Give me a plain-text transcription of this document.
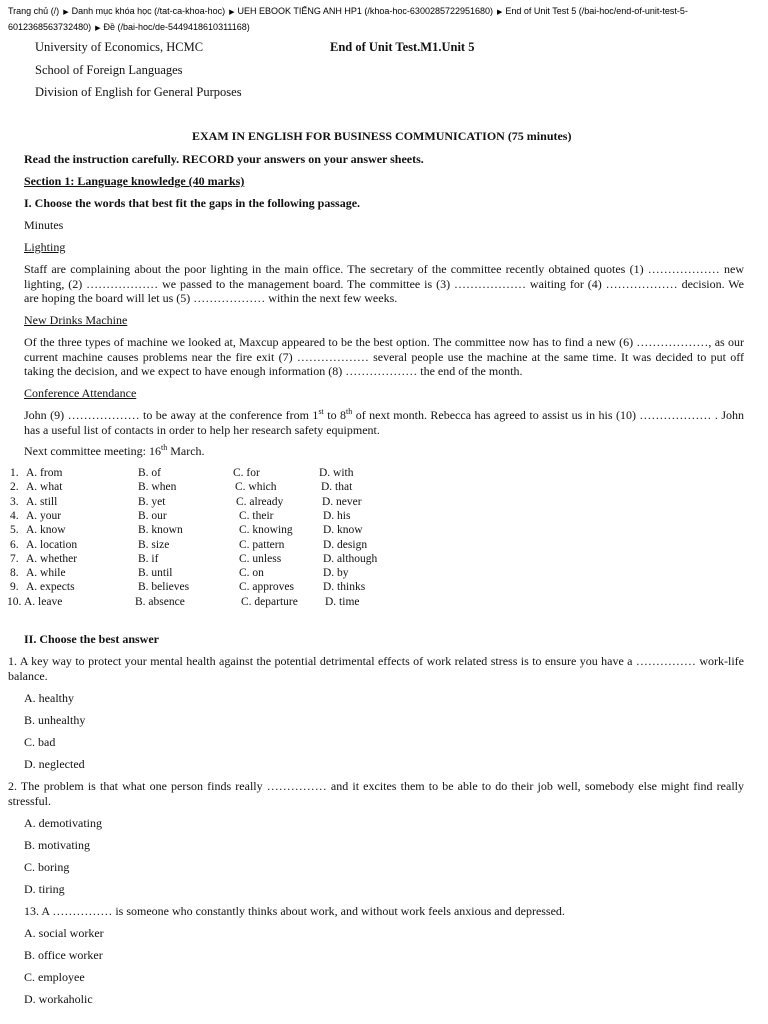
Trang chủ (/) ▶ Danh mục khóa học (/tat-ca-khoa-hoc) ▶ UEH EBOOK TIẾNG ANH HP1 (/khoa-hoc-6300285722951680) ▶ End of Unit Test 5 (/bai-hoc/end-of-unit-test-5-6012368563732480) ▶ Đề (/bai-hoc/de-5449418610311168)
University of Economics, HCMC
School of Foreign Languages
Division of English for General Purposes
End of Unit Test.M1.Unit 5
EXAM IN ENGLISH FOR BUSINESS COMMUNICATION (75 minutes)
Read the instruction carefully. RECORD your answers on your answer sheets.
Section 1: Language knowledge (40 marks)
I. Choose the words that best fit the gaps in the following passage.
Minutes
Lighting
Staff are complaining about the poor lighting in the main office. The secretary of the committee recently obtained quotes (1) ……………… new lighting, (2) ……………… we passed to the management board. The committee is (3) ……………… waiting for (4) ……………… decision. We are hoping the board will let us (5) ……………… within the next few weeks.
New Drinks Machine
Of the three types of machine we looked at, Maxcup appeared to be the best option. The committee now has to find a new (6) ………………, as our current machine causes problems near the fire exit (7) ……………… several people use the machine at the same time. It was decided to put off taking the decision, and we expect to have enough information (8) ……………… the end of the month.
Conference Attendance
John (9) ……………… to be away at the conference from 1st to 8th of next month. Rebecca has agreed to assist us in his (10) ……………… . John has a useful list of contacts in order to help her research safety equipment.
Next committee meeting: 16th March.
1. A. from	B. of	C. for	D. with
2. A. what	B. when	C. which	D. that
3. A. still	B. yet	C. already	D. never
4. A. your	B. our	C. their	D. his
5. A. know	B. known	C. knowing	D. know
6. A. location	B. size	C. pattern	D. design
7. A. whether	B. if	C. unless	D. although
8. A. while	B. until	C. on	D. by
9. A. expects	B. believes	C. approves	D. thinks
10. A. leave	B. absence	C. departure D. time
II. Choose the best answer
1. A key way to protect your mental health against the potential detrimental effects of work related stress is to ensure you have a …………… work-life balance.
A. healthy
B. unhealthy
C. bad
D. neglected
2. The problem is that what one person finds really …………… and it excites them to be able to do their job well, somebody else might find really stressful.
A. demotivating
B. motivating
C. boring
D. tiring
13. A …………… is someone who constantly thinks about work, and without work feels anxious and depressed.
A. social worker
B. office worker
C. employee
D. workaholic
